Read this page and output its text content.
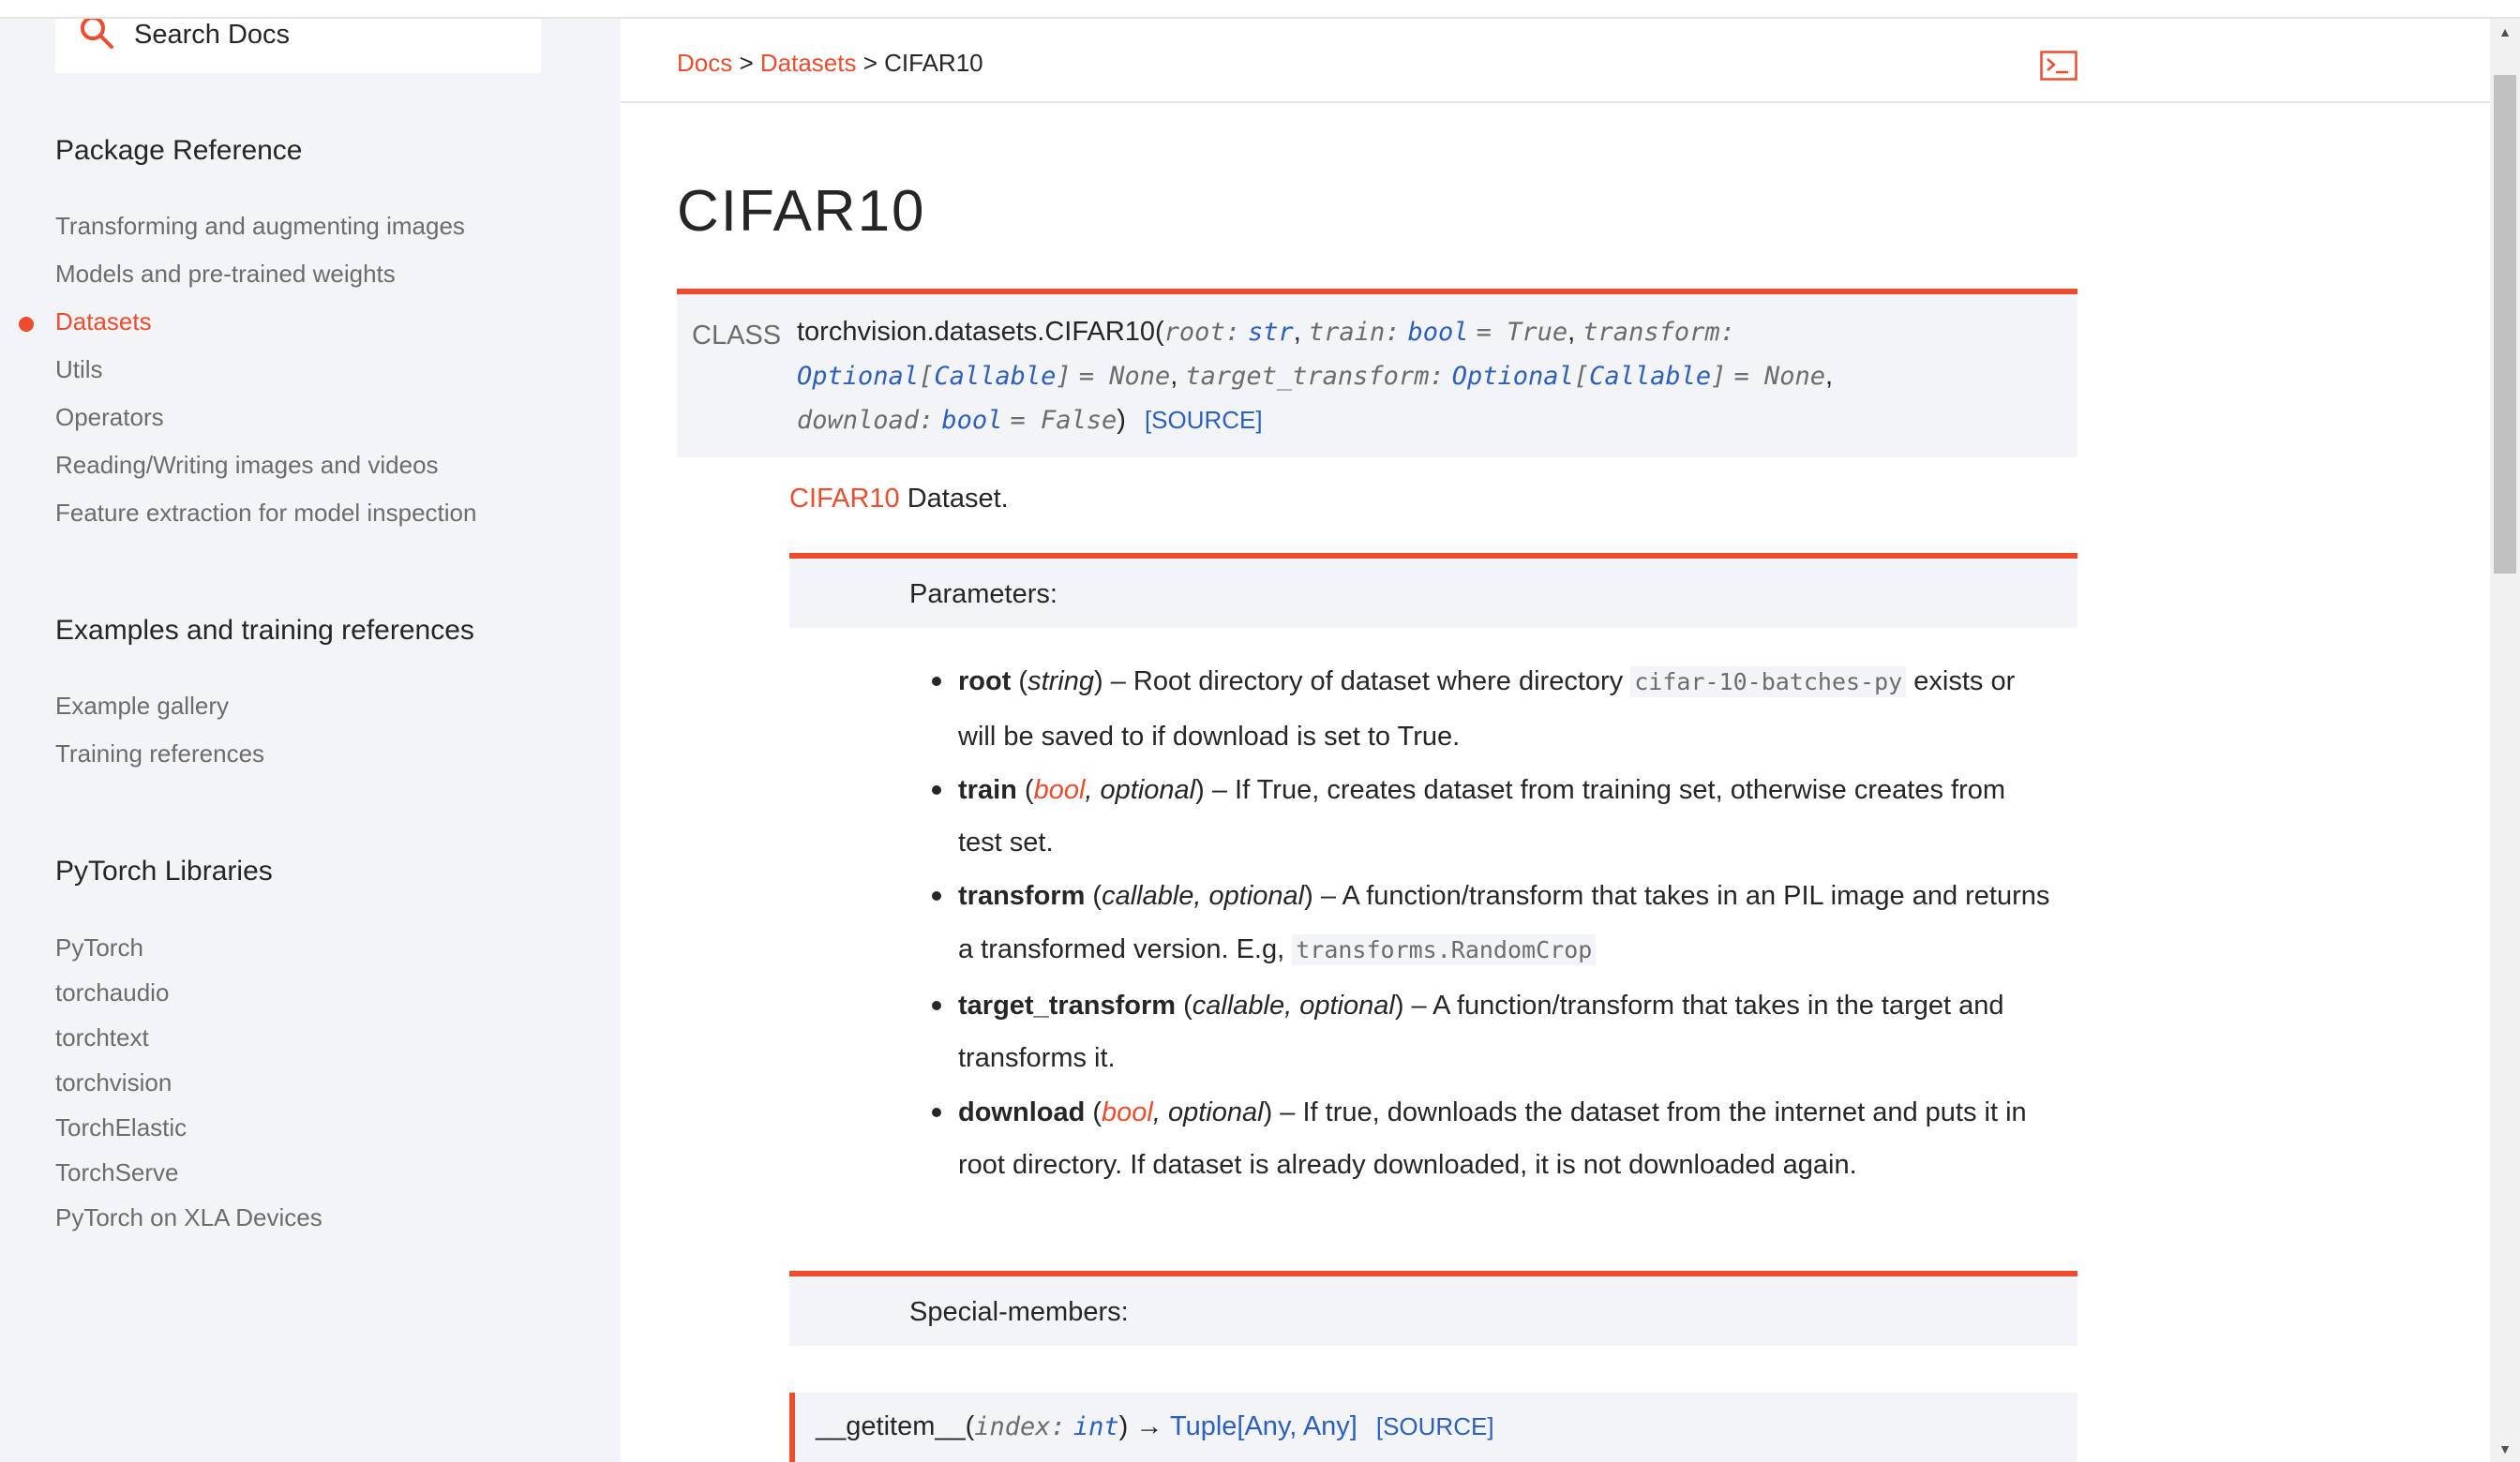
Search Docs
Package Reference
Transforming and augmenting images
Models and pre-trained weights
Datasets
Utils
Operators
Reading/Writing images and videos
Feature extraction for model inspection
Examples and training references
Example gallery
Training references
PyTorch Libraries
PyTorch
torchaudio
torchtext
torchvision
TorchElastic
TorchServe
PyTorch on XLA Devices
Docs > Datasets > CIFAR10
CIFAR10
CLASS torchvision.datasets.CIFAR10(root: str, train: bool = True, transform:
Optional[Callable] = None, target_transform: Optional[Callable] = None,
download: bool = False) [SOURCE]
CIFAR10 Dataset.
Parameters:
root (string) – Root directory of dataset where directory cifar-10-batches-py exists or
will be saved to if download is set to True.
train (bool, optional) – If True, creates dataset from training set, otherwise creates from
test set.
transform (callable, optional) – A function/transform that takes in an PIL image and returns
a transformed version. E.g, transforms.RandomCrop
target_transform (callable, optional) – A function/transform that takes in the target and
transforms it.
download (bool, optional) – If true, downloads the dataset from the internet and puts it in
root directory. If dataset is already downloaded, it is not downloaded again.
Special-members:
__getitem__(index: int) → Tuple[Any, Any] [SOURCE]
▲
▼
